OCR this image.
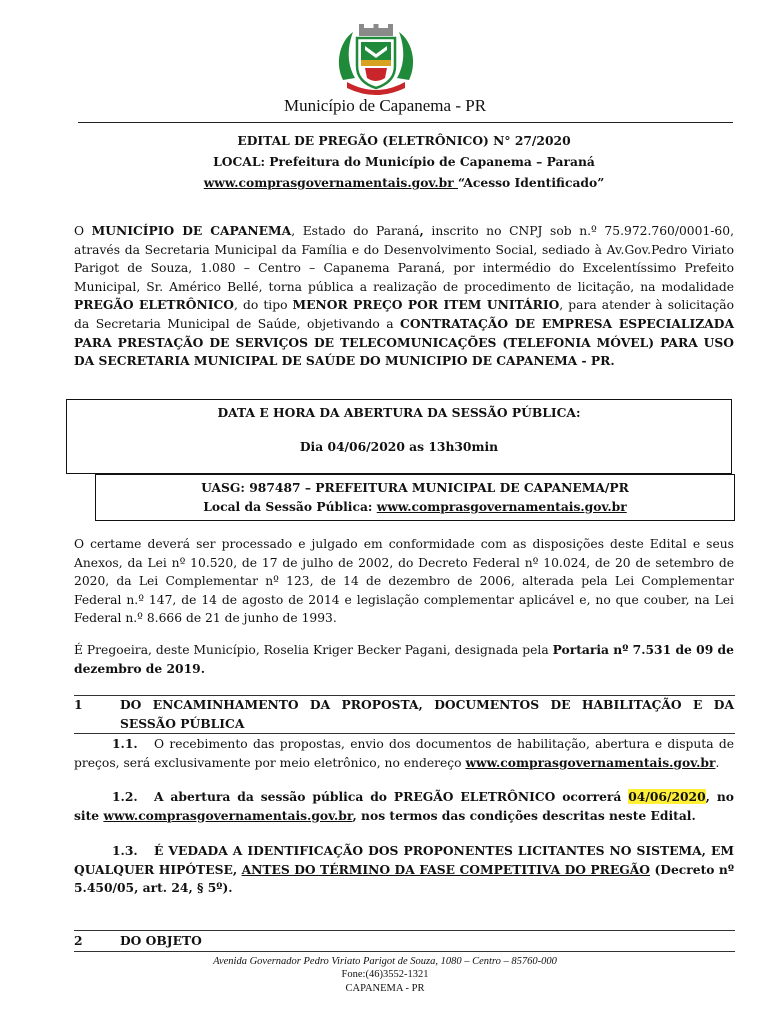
Município de Capanema - PR
EDITAL DE PREGÃO (ELETRÔNICO) N° 27/2020
LOCAL: Prefeitura do Município de Capanema – Paraná
www.comprasgovernamentais.gov.br “Acesso Identificado”

O MUNICÍPIO DE CAPANEMA, Estado do Paraná, inscrito no CNPJ sob n.º 75.972.760/0001-60, através da Secretaria Municipal da Família e do Desenvolvimento Social, sediado à Av.Gov.Pedro Viriato Parigot de Souza, 1.080 – Centro – Capanema Paraná, por intermédio do Excelentíssimo Prefeito Municipal, Sr. Américo Bellé, torna pública a realização de procedimento de licitação, na modalidade PREGÃO ELETRÔNICO, do tipo MENOR PREÇO POR ITEM UNITÁRIO, para atender à solicitação da Secretaria Municipal de Saúde, objetivando a CONTRATAÇÃO DE EMPRESA ESPECIALIZADA PARA PRESTAÇÃO DE SERVIÇOS DE TELECOMUNICAÇÕES (TELEFONIA MÓVEL) PARA USO DA SECRETARIA MUNICIPAL DE SAÚDE DO MUNICIPIO DE CAPANEMA - PR.

DATA E HORA DA ABERTURA DA SESSÃO PÚBLICA:
Dia 04/06/2020 as 13h30min
UASG: 987487 – PREFEITURA MUNICIPAL DE CAPANEMA/PR
Local da Sessão Pública: www.comprasgovernamentais.gov.br

O certame deverá ser processado e julgado em conformidade com as disposições deste Edital e seus Anexos, da Lei nº 10.520, de 17 de julho de 2002, do Decreto Federal nº 10.024, de 20 de setembro de 2020, da Lei Complementar nº 123, de 14 de dezembro de 2006, alterada pela Lei Complementar Federal n.º 147, de 14 de agosto de 2014 e legislação complementar aplicável e, no que couber, na Lei Federal n.º 8.666 de 21 de junho de 1993.

É Pregoeira, deste Município, Roselia Kriger Becker Pagani, designada pela Portaria nº 7.531 de 09 de dezembro de 2019.

1	DO ENCAMINHAMENTO DA PROPOSTA, DOCUMENTOS DE HABILITAÇÃO E DA SESSÃO PÚBLICA

1.1. O recebimento das propostas, envio dos documentos de habilitação, abertura e disputa de preços, será exclusivamente por meio eletrônico, no endereço www.comprasgovernamentais.gov.br.

1.2. A abertura da sessão pública do PREGÃO ELETRÔNICO ocorrerá 04/06/2020, no site www.comprasgovernamentais.gov.br, nos termos das condições descritas neste Edital.

1.3. É VEDADA A IDENTIFICAÇÃO DOS PROPONENTES LICITANTES NO SISTEMA, EM QUALQUER HIPÓTESE, ANTES DO TÉRMINO DA FASE COMPETITIVA DO PREGÃO (Decreto nº 5.450/05, art. 24, § 5º).

2	DO OBJETO
Avenida Governador Pedro Viriato Parigot de Souza, 1080 – Centro – 85760-000
Fone:(46)3552-1321
CAPANEMA - PR
